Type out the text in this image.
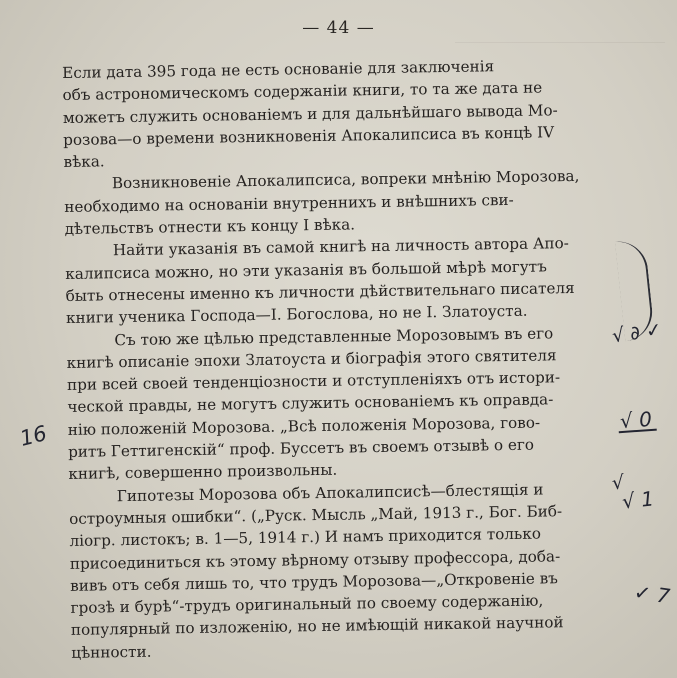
— 44 —
Если дата 395 года не есть основаніе для заключенія
объ астрономическомъ содержаніи книги, то та же дата не
можетъ служить основаніемъ и для дальнѣйшаго вывода Мо-
розова—о времени возникновенія Апокалипсиса въ концѣ IV
вѣка.
Возникновеніе Апокалипсиса, вопреки мнѣнію Морозова,
необходимо на основаніи внутреннихъ и внѣшнихъ сви-
дѣтельствъ отнести къ концу I вѣка.
Найти указанія въ самой книгѣ на личность автора Апо-
калипсиса можно, но эти указанія въ большой мѣрѣ могутъ
быть отнесены именно къ личности дѣйствительнаго писателя
книги ученика Господа—I. Богослова, но не I. Златоуста.
Съ тою же цѣлью представленные Морозовымъ въ его
книгѣ описаніе эпохи Златоуста и біографія этого святителя
при всей своей тенденціозности и отступленіяхъ отъ истори-
ческой правды, не могутъ служить основаніемъ къ оправда-
нію положеній Морозова. „Всѣ положенія Морозова, гово-
ритъ Геттигенскій“ проф. Буссетъ въ своемъ отзывѣ о его
книгѣ, совершенно произвольны.
Гипотезы Морозова объ Апокалипсисѣ—блестящія и
остроумныя ошибки“. („Руск. Мысль „Май, 1913 г., Бог. Биб-
ліогр. листокъ; в. 1—5, 1914 г.) И намъ приходится только
присоединиться къ этому вѣрному отзыву профессора, доба-
вивъ отъ себя лишь то, что трудъ Морозова—„Откровеніе въ
грозѣ и бурѣ“-трудъ оригинальный по своему содержанію,
популярный по изложенію, но не имѣющій никакой научной
цѣнности.
√ ∂ ✓
√ 0
16
√
√ 1
✓ 7
